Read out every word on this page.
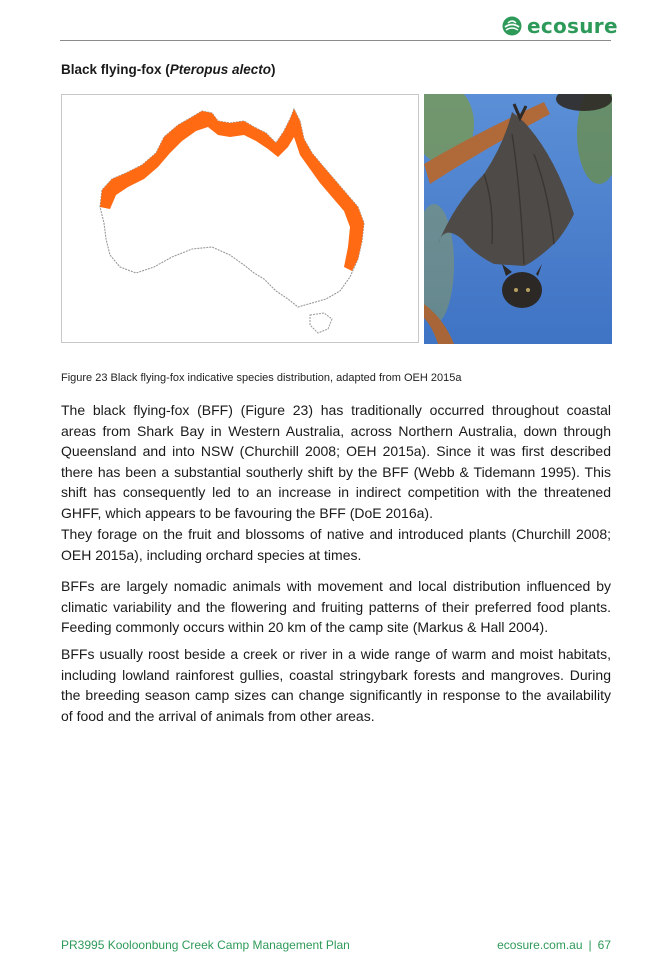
ecosure
Black flying-fox (Pteropus alecto)
Figure 23 Black flying-fox indicative species distribution, adapted from OEH 2015a

The black flying-fox (BFF) (Figure 23) has traditionally occurred throughout coastal areas from Shark Bay in Western Australia, across Northern Australia, down through Queensland and into NSW (Churchill 2008; OEH 2015a). Since it was first described there has been a substantial southerly shift by the BFF (Webb & Tidemann 1995). This shift has consequently led to an increase in indirect competition with the threatened GHFF, which appears to be favouring the BFF (DoE 2016a).

They forage on the fruit and blossoms of native and introduced plants (Churchill 2008; OEH 2015a), including orchard species at times.

BFFs are largely nomadic animals with movement and local distribution influenced by climatic variability and the flowering and fruiting patterns of their preferred food plants. Feeding commonly occurs within 20 km of the camp site (Markus & Hall 2004).

BFFs usually roost beside a creek or river in a wide range of warm and moist habitats, including lowland rainforest gullies, coastal stringybark forests and mangroves. During the breeding season camp sizes can change significantly in response to the availability of food and the arrival of animals from other areas.

PR3995 Kooloonbung Creek Camp Management Plan	ecosure.com.au | 67
